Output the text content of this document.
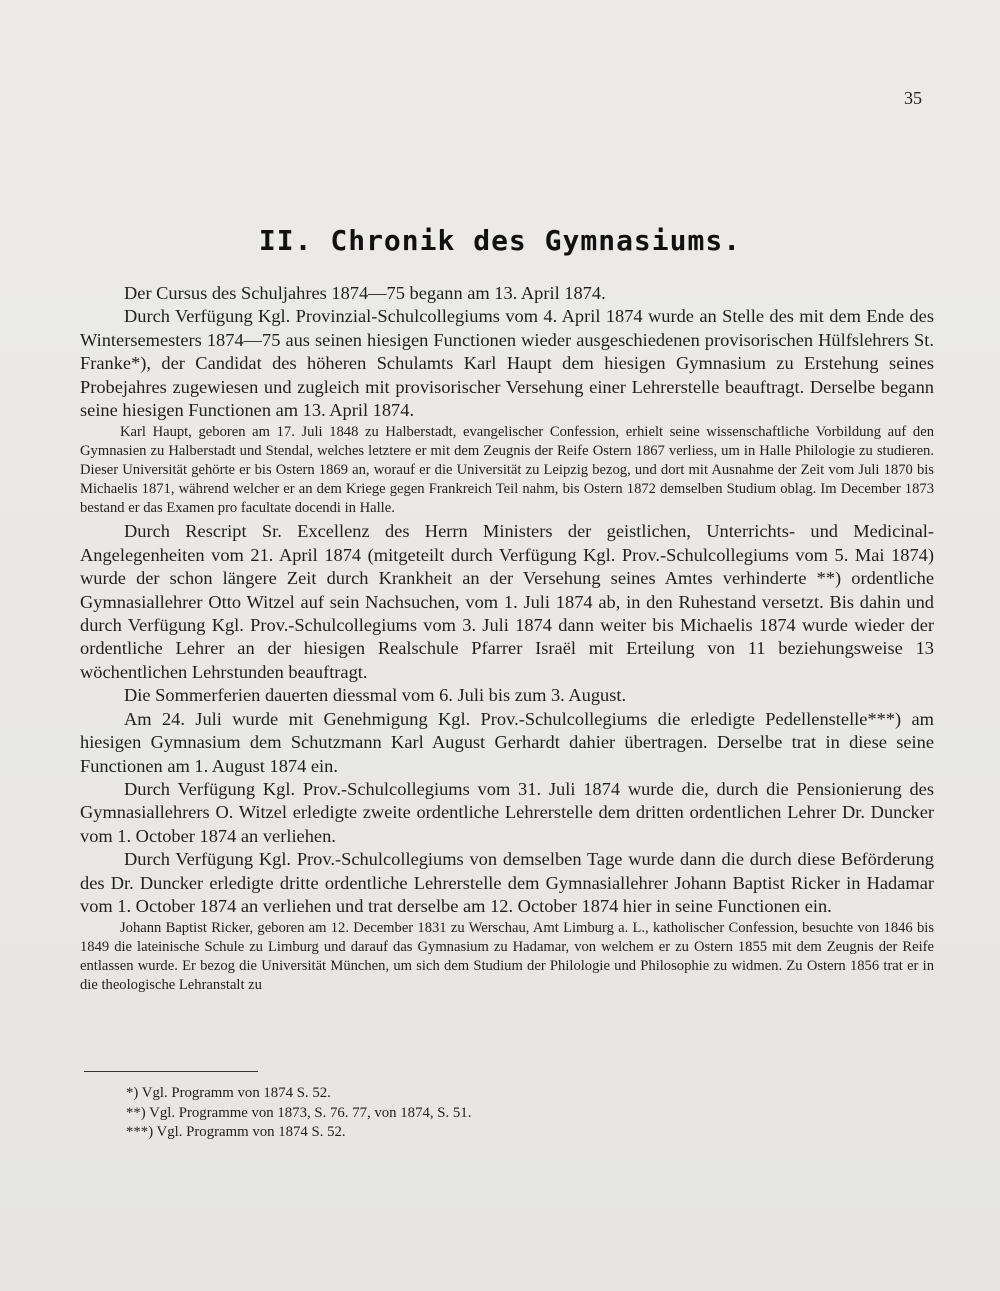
35
II. Chronik des Gymnasiums.

Der Cursus des Schuljahres 1874—75 begann am 13. April 1874.

Durch Verfügung Kgl. Provinzial-Schulcollegiums vom 4. April 1874 wurde an Stelle des mit dem Ende des Wintersemesters 1874—75 aus seinen hiesigen Functionen wieder ausgeschiedenen provisorischen Hülfslehrers St. Franke*), der Candidat des höheren Schulamts Karl Haupt dem hiesigen Gymnasium zu Erstehung seines Probejahres zugewiesen und zugleich mit provisorischer Versehung einer Lehrerstelle beauftragt. Derselbe begann seine hiesigen Functionen am 13. April 1874.

Karl Haupt, geboren am 17. Juli 1848 zu Halberstadt, evangelischer Confession, erhielt seine wissenschaftliche Vorbildung auf den Gymnasien zu Halberstadt und Stendal, welches letztere er mit dem Zeugnis der Reife Ostern 1867 verliess, um in Halle Philologie zu studieren. Dieser Universität gehörte er bis Ostern 1869 an, worauf er die Universität zu Leipzig bezog, und dort mit Ausnahme der Zeit vom Juli 1870 bis Michaelis 1871, während welcher er an dem Kriege gegen Frankreich Teil nahm, bis Ostern 1872 demselben Studium oblag. Im December 1873 bestand er das Examen pro facultate docendi in Halle.

Durch Rescript Sr. Excellenz des Herrn Ministers der geistlichen, Unterrichts- und Medicinal-Angelegenheiten vom 21. April 1874 (mitgeteilt durch Verfügung Kgl. Prov.-Schulcollegiums vom 5. Mai 1874) wurde der schon längere Zeit durch Krankheit an der Versehung seines Amtes verhinderte **) ordentliche Gymnasiallehrer Otto Witzel auf sein Nachsuchen, vom 1. Juli 1874 ab, in den Ruhestand versetzt. Bis dahin und durch Verfügung Kgl. Prov.-Schulcollegiums vom 3. Juli 1874 dann weiter bis Michaelis 1874 wurde wieder der ordentliche Lehrer an der hiesigen Realschule Pfarrer Israël mit Erteilung von 11 beziehungsweise 13 wöchentlichen Lehrstunden beauftragt.

Die Sommerferien dauerten diessmal vom 6. Juli bis zum 3. August.

Am 24. Juli wurde mit Genehmigung Kgl. Prov.-Schulcollegiums die erledigte Pedellenstelle***) am hiesigen Gymnasium dem Schutzmann Karl August Gerhardt dahier übertragen. Derselbe trat in diese seine Functionen am 1. August 1874 ein.

Durch Verfügung Kgl. Prov.-Schulcollegiums vom 31. Juli 1874 wurde die, durch die Pensionierung des Gymnasiallehrers O. Witzel erledigte zweite ordentliche Lehrerstelle dem dritten ordentlichen Lehrer Dr. Duncker vom 1. October 1874 an verliehen.

Durch Verfügung Kgl. Prov.-Schulcollegiums von demselben Tage wurde dann die durch diese Beförderung des Dr. Duncker erledigte dritte ordentliche Lehrerstelle dem Gymnasiallehrer Johann Baptist Ricker in Hadamar vom 1. October 1874 an verliehen und trat derselbe am 12. October 1874 hier in seine Functionen ein.

Johann Baptist Ricker, geboren am 12. December 1831 zu Werschau, Amt Limburg a. L., katholischer Confession, besuchte von 1846 bis 1849 die lateinische Schule zu Limburg und darauf das Gymnasium zu Hadamar, von welchem er zu Ostern 1855 mit dem Zeugnis der Reife entlassen wurde. Er bezog die Universität München, um sich dem Studium der Philologie und Philosophie zu widmen. Zu Ostern 1856 trat er in die theologische Lehranstalt zu

*) Vgl. Programm von 1874 S. 52.
**) Vgl. Programme von 1873, S. 76. 77, von 1874, S. 51.
***) Vgl. Programm von 1874 S. 52.
